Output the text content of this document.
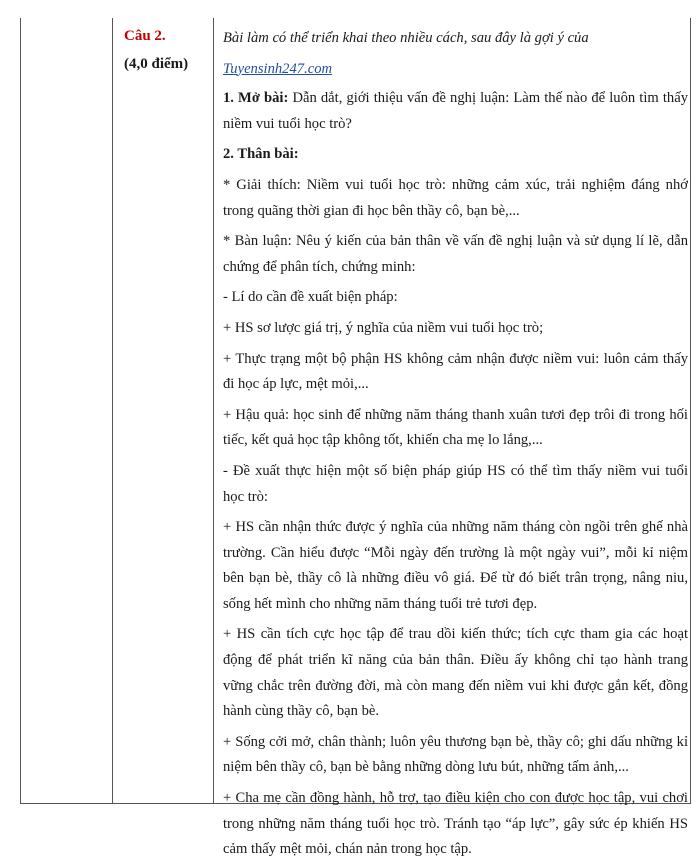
Câu 2.
(4,0 điểm)

Bài làm có thể triển khai theo nhiều cách, sau đây là gợi ý của

Tuyensinh247.com

1. Mở bài: Dẫn dắt, giới thiệu vấn đề nghị luận: Làm thế nào để luôn tìm thấy niềm vui tuổi học trò?

2. Thân bài:

* Giải thích: Niềm vui tuổi học trò: những cảm xúc, trải nghiệm đáng nhớ trong quãng thời gian đi học bên thầy cô, bạn bè,...

* Bàn luận: Nêu ý kiến của bản thân về vấn đề nghị luận và sử dụng lí lẽ, dẫn chứng để phân tích, chứng minh:

- Lí do cần đề xuất biện pháp:

+ HS sơ lược giá trị, ý nghĩa của niềm vui tuổi học trò;

+ Thực trạng một bộ phận HS không cảm nhận được niềm vui: luôn cảm thấy đi học áp lực, mệt mỏi,...

+ Hậu quả: học sinh để những năm tháng thanh xuân tươi đẹp trôi đi trong hối tiếc, kết quả học tập không tốt, khiến cha mẹ lo lắng,...

- Đề xuất thực hiện một số biện pháp giúp HS có thể tìm thấy niềm vui tuổi học trò:

+ HS cần nhận thức được ý nghĩa của những năm tháng còn ngồi trên ghế nhà trường. Cần hiểu được “Mỗi ngày đến trường là một ngày vui”, mỗi kỉ niệm bên bạn bè, thầy cô là những điều vô giá. Để từ đó biết trân trọng, nâng niu, sống hết mình cho những năm tháng tuổi trẻ tươi đẹp.

+ HS cần tích cực học tập để trau dồi kiến thức; tích cực tham gia các hoạt động để phát triển kĩ năng của bản thân. Điều ấy không chỉ tạo hành trang vững chắc trên đường đời, mà còn mang đến niềm vui khi được gắn kết, đồng hành cùng thầy cô, bạn bè.

+ Sống cởi mở, chân thành; luôn yêu thương bạn bè, thầy cô; ghi dấu những kỉ niệm bên thầy cô, bạn bè bằng những dòng lưu bút, những tấm ảnh,...

+ Cha mẹ cần đồng hành, hỗ trợ, tạo điều kiện cho con được học tập, vui chơi trong những năm tháng tuổi học trò. Tránh tạo “áp lực”, gây sức ép khiến HS cảm thấy mệt mỏi, chán nản trong học tập.
